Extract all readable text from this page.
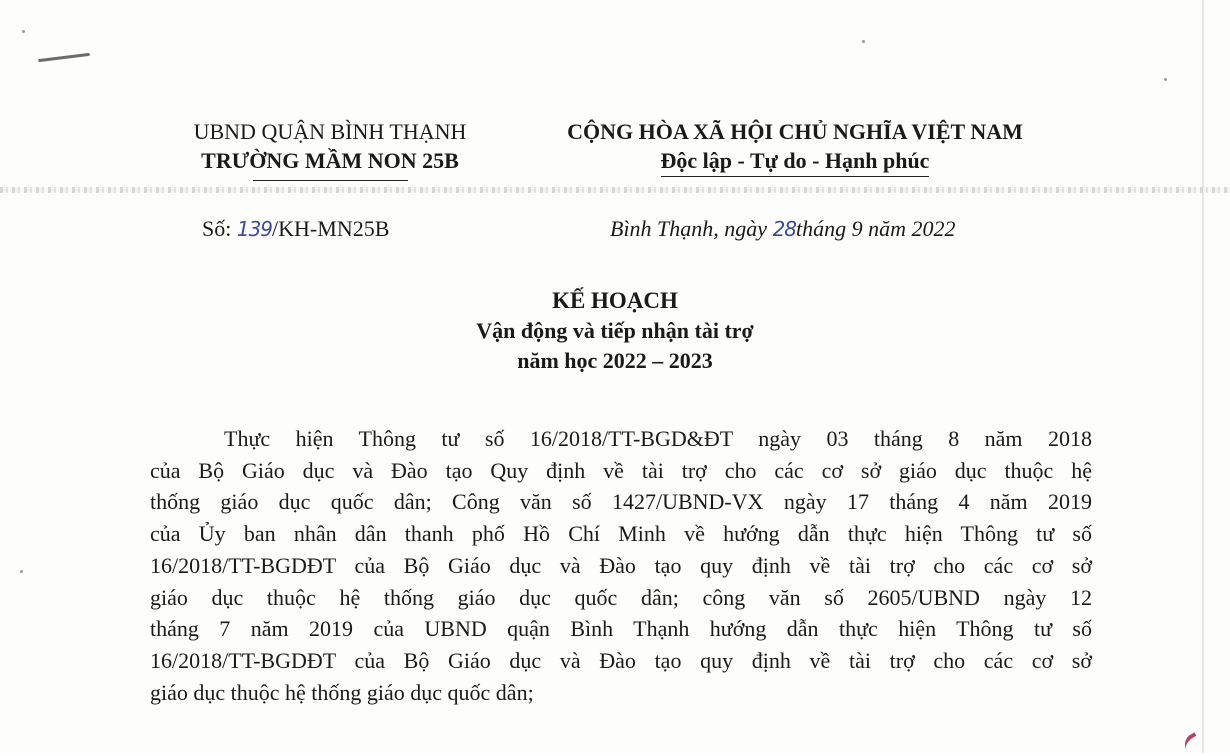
UBND QUẬN BÌNH THẠNH
TRƯỜNG MẦM NON 25B
CỘNG HÒA XÃ HỘI CHỦ NGHĨA VIỆT NAM
Độc lập - Tự do - Hạnh phúc
Số: 139/KH-MN25B	Bình Thạnh, ngày 28tháng 9 năm 2022
KẾ HOẠCH
Vận động và tiếp nhận tài trợ
năm học 2022 – 2023
Thực hiện Thông tư số 16/2018/TT-BGD&ĐT ngày 03 tháng 8 năm 2018
của Bộ Giáo dục và Đào tạo Quy định về tài trợ cho các cơ sở giáo dục thuộc hệ
thống giáo dục quốc dân; Công văn số 1427/UBND-VX ngày 17 tháng 4 năm 2019
của Ủy ban nhân dân thanh phố Hồ Chí Minh về hướng dẫn thực hiện Thông tư số
16/2018/TT-BGDĐT của Bộ Giáo dục và Đào tạo quy định về tài trợ cho các cơ sở
giáo dục thuộc hệ thống giáo dục quốc dân; công văn số 2605/UBND ngày 12
tháng 7 năm 2019 của UBND quận Bình Thạnh hướng dẫn thực hiện Thông tư số
16/2018/TT-BGDĐT của Bộ Giáo dục và Đào tạo quy định về tài trợ cho các cơ sở
giáo dục thuộc hệ thống giáo dục quốc dân;
